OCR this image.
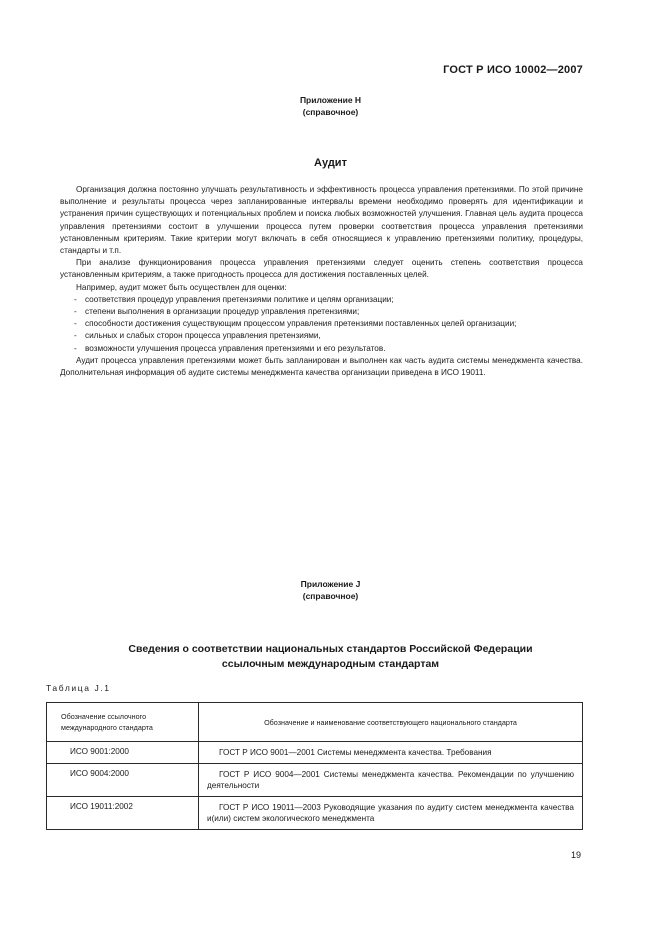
ГОСТ Р ИСО 10002—2007
Приложение Н
(справочное)
Аудит

Организация должна постоянно улучшать результативность и эффективность процесса управления претензиями. По этой причине выполнение и результаты процесса через запланированные интервалы времени необходимо проверять для идентификации и устранения причин существующих и потенциальных проблем и поиска любых возможностей улучшения. Главная цель аудита процесса управления претензиями состоит в улучшении процесса путем проверки соответствия процесса управления претензиями установленным критериям. Такие критерии могут включать в себя относящиеся к управлению претензиями политику, процедуры, стандарты и т.п.

При анализе функционирования процесса управления претензиями следует оценить степень соответствия процесса установленным критериям, а также пригодность процесса для достижения поставленных целей.

Например, аудит может быть осуществлен для оценки:

- соответствия процедур управления претензиями политике и целям организации;
- степени выполнения в организации процедур управления претензиями;
- способности достижения существующим процессом управления претензиями поставленных целей организации;
- сильных и слабых сторон процесса управления претензиями,
- возможности улучшения процесса управления претензиями и его результатов.

Аудит процесса управления претензиями может быть запланирован и выполнен как часть аудита системы менеджмента качества. Дополнительная информация об аудите системы менеджмента качества организации приведена в ИСО 19011.

Приложение J
(справочное)
Сведения о соответствии национальных стандартов Российской Федерации
ссылочным международным стандартам
Таблица J.1
Обозначение ссылочного международного стандарта	Обозначение и наименование соответствующего национального стандарта
ИСО 9001:2000	ГОСТ Р ИСО 9001—2001 Системы менеджмента качества. Требования

ИСО 9004:2000	ГОСТ Р ИСО 9004—2001 Системы менеджмента качества. Рекомендации по улучшению деятельности

ИСО 19011:2002	ГОСТ Р ИСО 19011—2003 Руководящие указания по аудиту систем менеджмента качества и(или) систем экологического менеджмента
19
